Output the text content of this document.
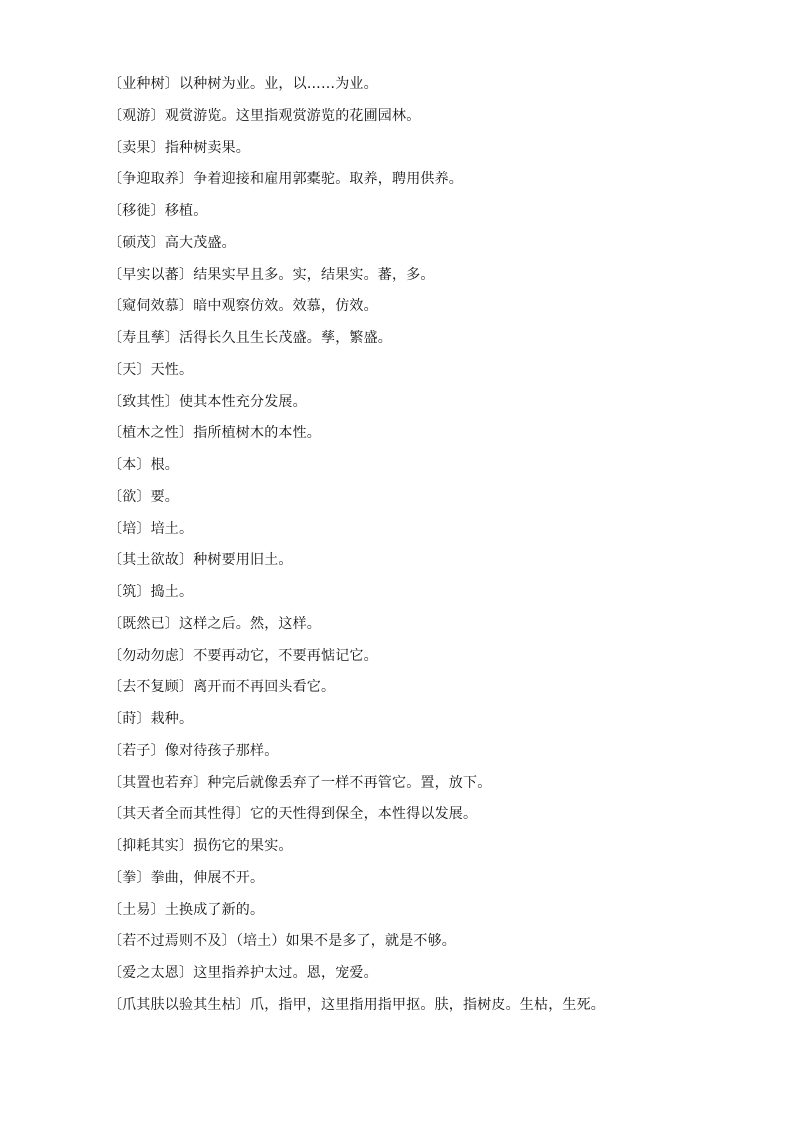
〔业种树〕以种树为业。业，以……为业。
〔观游〕观赏游览。这里指观赏游览的花圃园林。
〔卖果〕指种树卖果。
〔争迎取养〕争着迎接和雇用郭橐驼。取养，聘用供养。
〔移徙〕移植。
〔硕茂〕高大茂盛。
〔早实以蕃〕结果实早且多。实，结果实。蕃，多。
〔窥伺效慕〕暗中观察仿效。效慕，仿效。
〔寿且孳〕活得长久且生长茂盛。孳，繁盛。
〔天〕天性。
〔致其性〕使其本性充分发展。
〔植木之性〕指所植树木的本性。
〔本〕根。
〔欲〕要。
〔培〕培土。
〔其土欲故〕种树要用旧土。
〔筑〕捣土。
〔既然已〕这样之后。然，这样。
〔勿动勿虑〕不要再动它，不要再惦记它。
〔去不复顾〕离开而不再回头看它。
〔莳〕栽种。
〔若子〕像对待孩子那样。
〔其置也若弃〕种完后就像丢弃了一样不再管它。置，放下。
〔其天者全而其性得〕它的天性得到保全，本性得以发展。
〔抑耗其实〕损伤它的果实。
〔拳〕拳曲，伸展不开。
〔土易〕土换成了新的。
〔若不过焉则不及〕（培土）如果不是多了，就是不够。
〔爱之太恩〕这里指养护太过。恩，宠爱。
〔爪其肤以验其生枯〕爪，指甲，这里指用指甲抠。肤，指树皮。生枯，生死。
